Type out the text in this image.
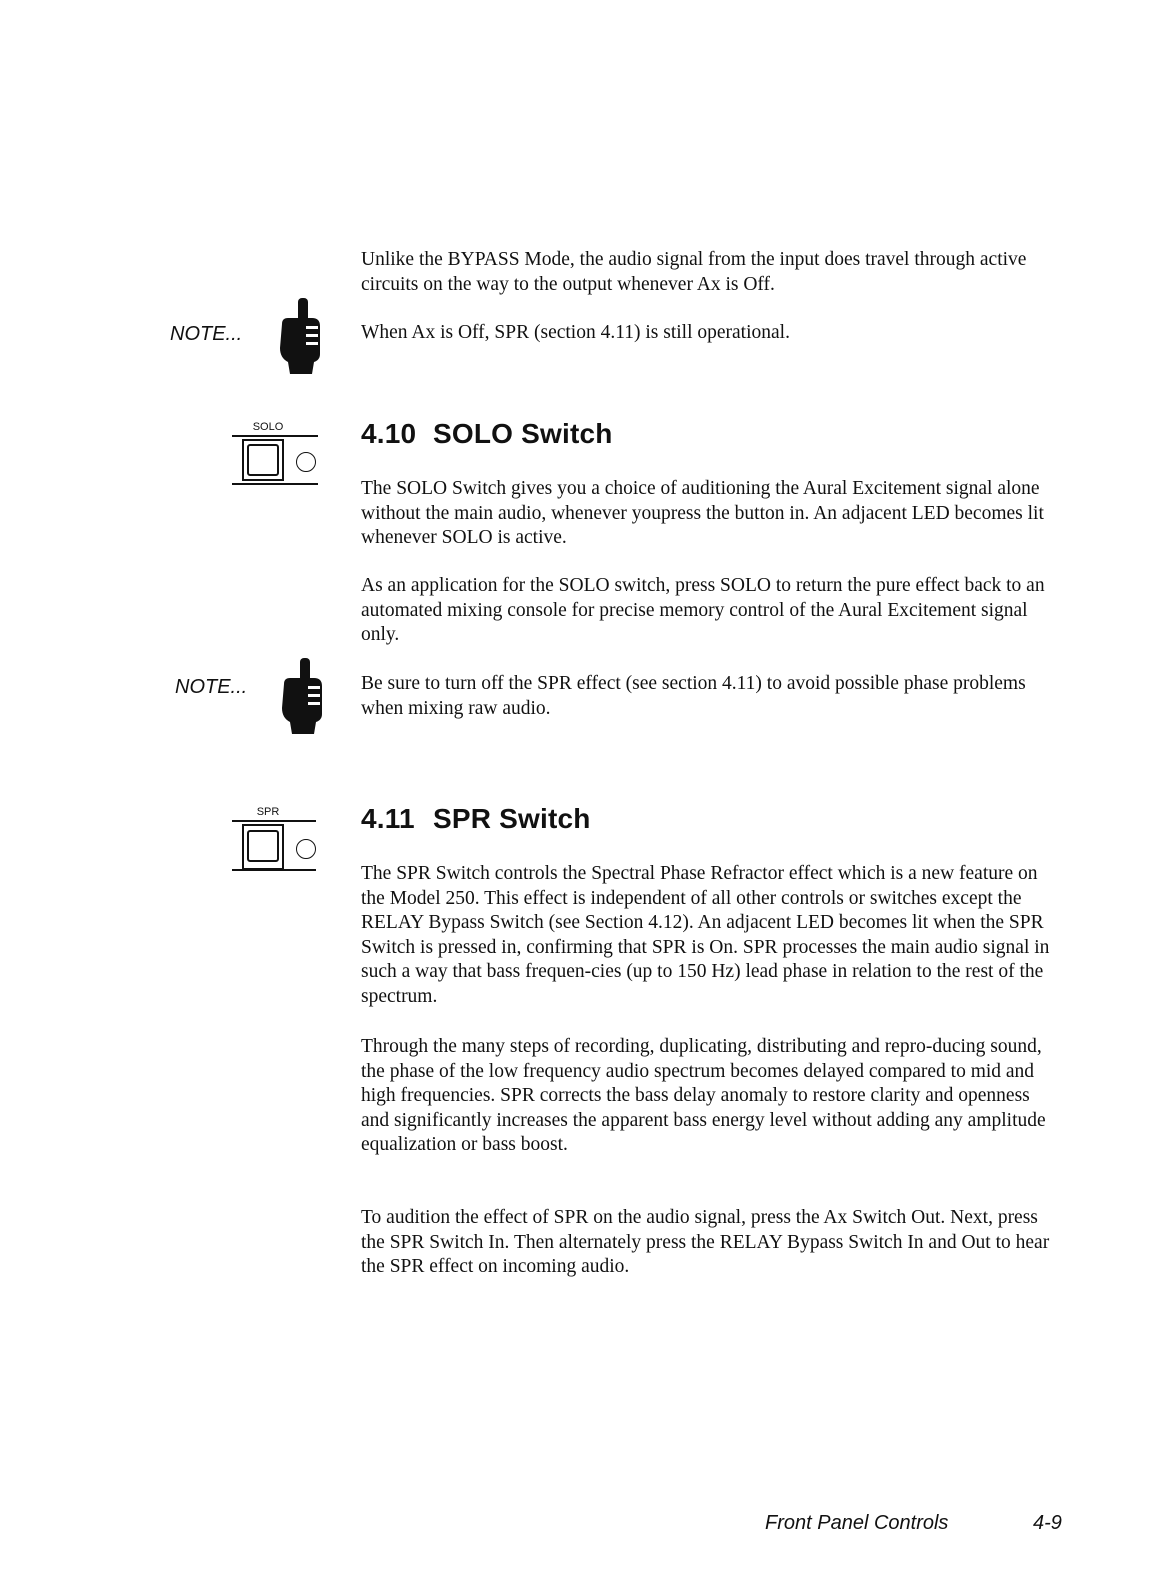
Unlike the BYPASS Mode, the audio signal from the input does travel through active circuits on the way to the output whenever Ax is Off.

NOTE...	When Ax is Off, SPR (section 4.11) is still operational.

SOLO	4.10 SOLO Switch

The SOLO Switch gives you a choice of auditioning the Aural Excitement signal alone without the main audio, whenever youpress the button in. An adjacent LED becomes lit whenever SOLO is active.

As an application for the SOLO switch, press SOLO to return the pure effect back to an automated mixing console for precise memory control of the Aural Excitement signal only.

NOTE...	Be sure to turn off the SPR effect (see section 4.11) to avoid possible phase problems when mixing raw audio.

SPR	4.11 SPR Switch

The SPR Switch controls the Spectral Phase Refractor effect which is a new feature on the Model 250. This effect is independent of all other controls or switches except the RELAY Bypass Switch (see Section 4.12). An adjacent LED becomes lit when the SPR Switch is pressed in, confirming that SPR is On. SPR processes the main audio signal in such a way that bass frequen-cies (up to 150 Hz) lead phase in relation to the rest of the spectrum.

Through the many steps of recording, duplicating, distributing and repro-ducing sound, the phase of the low frequency audio spectrum becomes delayed compared to mid and high frequencies. SPR corrects the bass delay anomaly to restore clarity and openness and significantly increases the apparent bass energy level without adding any amplitude equalization or bass boost.

To audition the effect of SPR on the audio signal, press the Ax Switch Out. Next, press the SPR Switch In. Then alternately press the RELAY Bypass Switch In and Out to hear the SPR effect on incoming audio.

Front Panel Controls	4-9
